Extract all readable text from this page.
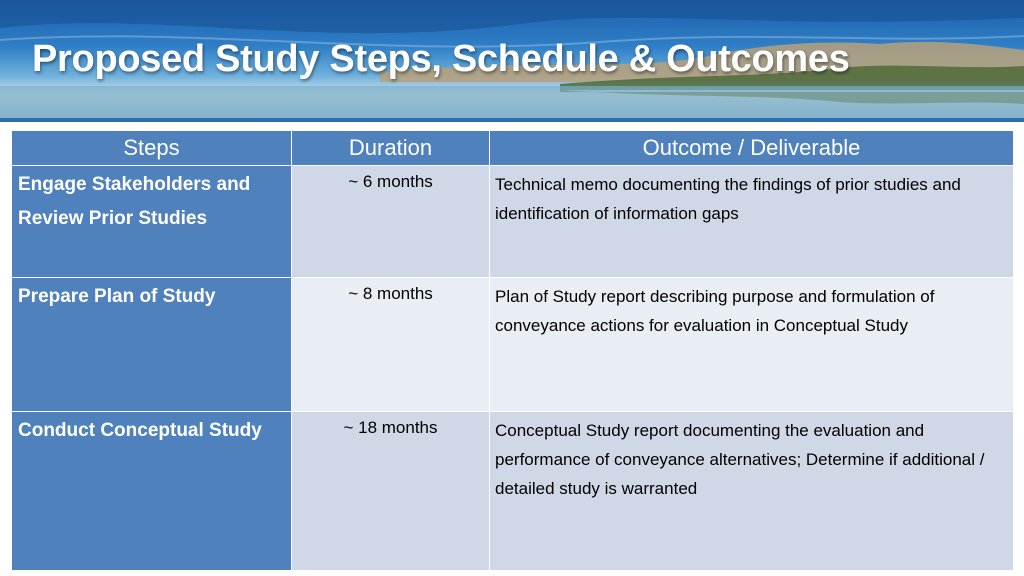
Proposed Study Steps, Schedule & Outcomes
Steps	Duration	Outcome / Deliverable
Engage Stakeholders and Review Prior Studies	~ 6 months	Technical memo documenting the findings of prior studies and identification of information gaps
Prepare Plan of Study	~ 8 months	Plan of Study report describing purpose and formulation of conveyance actions for evaluation in Conceptual Study
Conduct Conceptual Study	~ 18 months	Conceptual Study report documenting the evaluation and performance of conveyance alternatives; Determine if additional / detailed study is warranted
